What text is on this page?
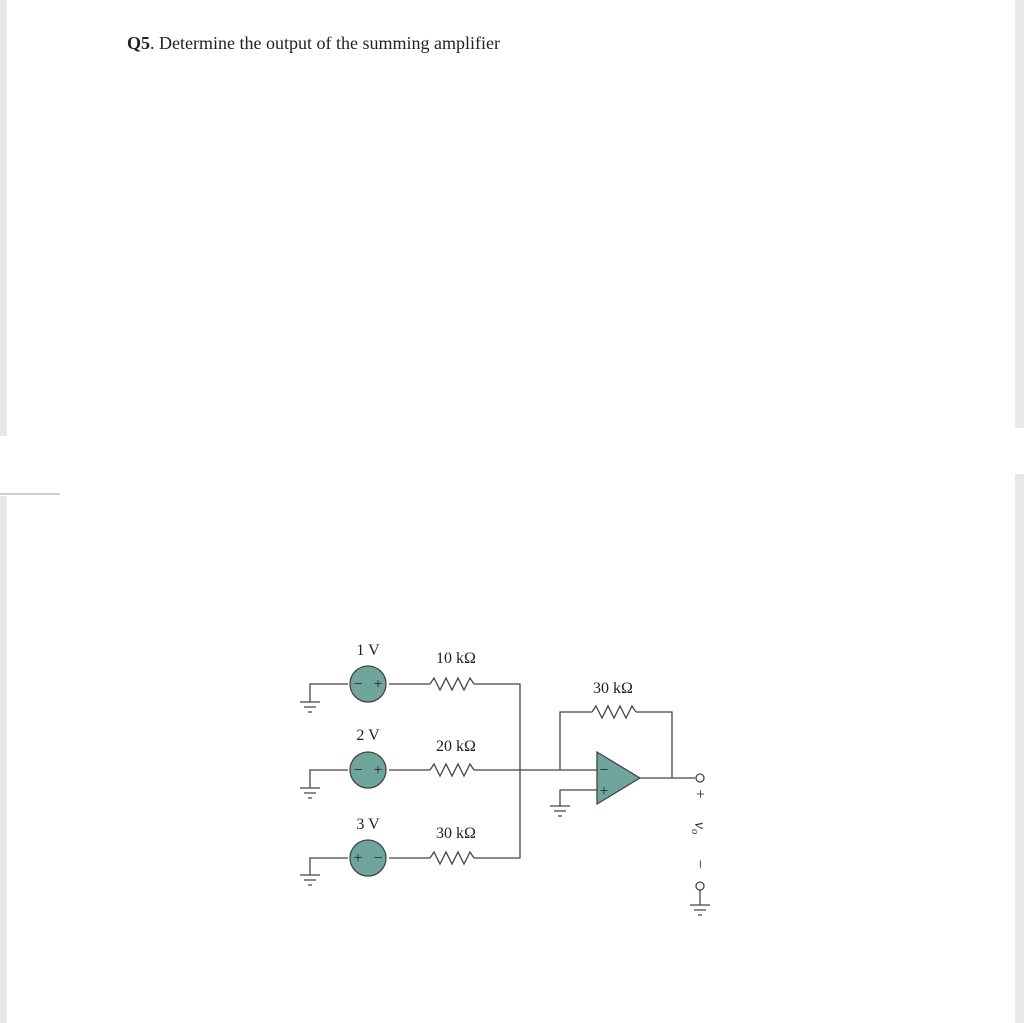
Q5. Determine the output of the summing amplifier
− +
1 V
− +
2 V
+ −
3 V
10 kΩ
20 kΩ
30 kΩ
30 kΩ
−
+	+
vo
−
